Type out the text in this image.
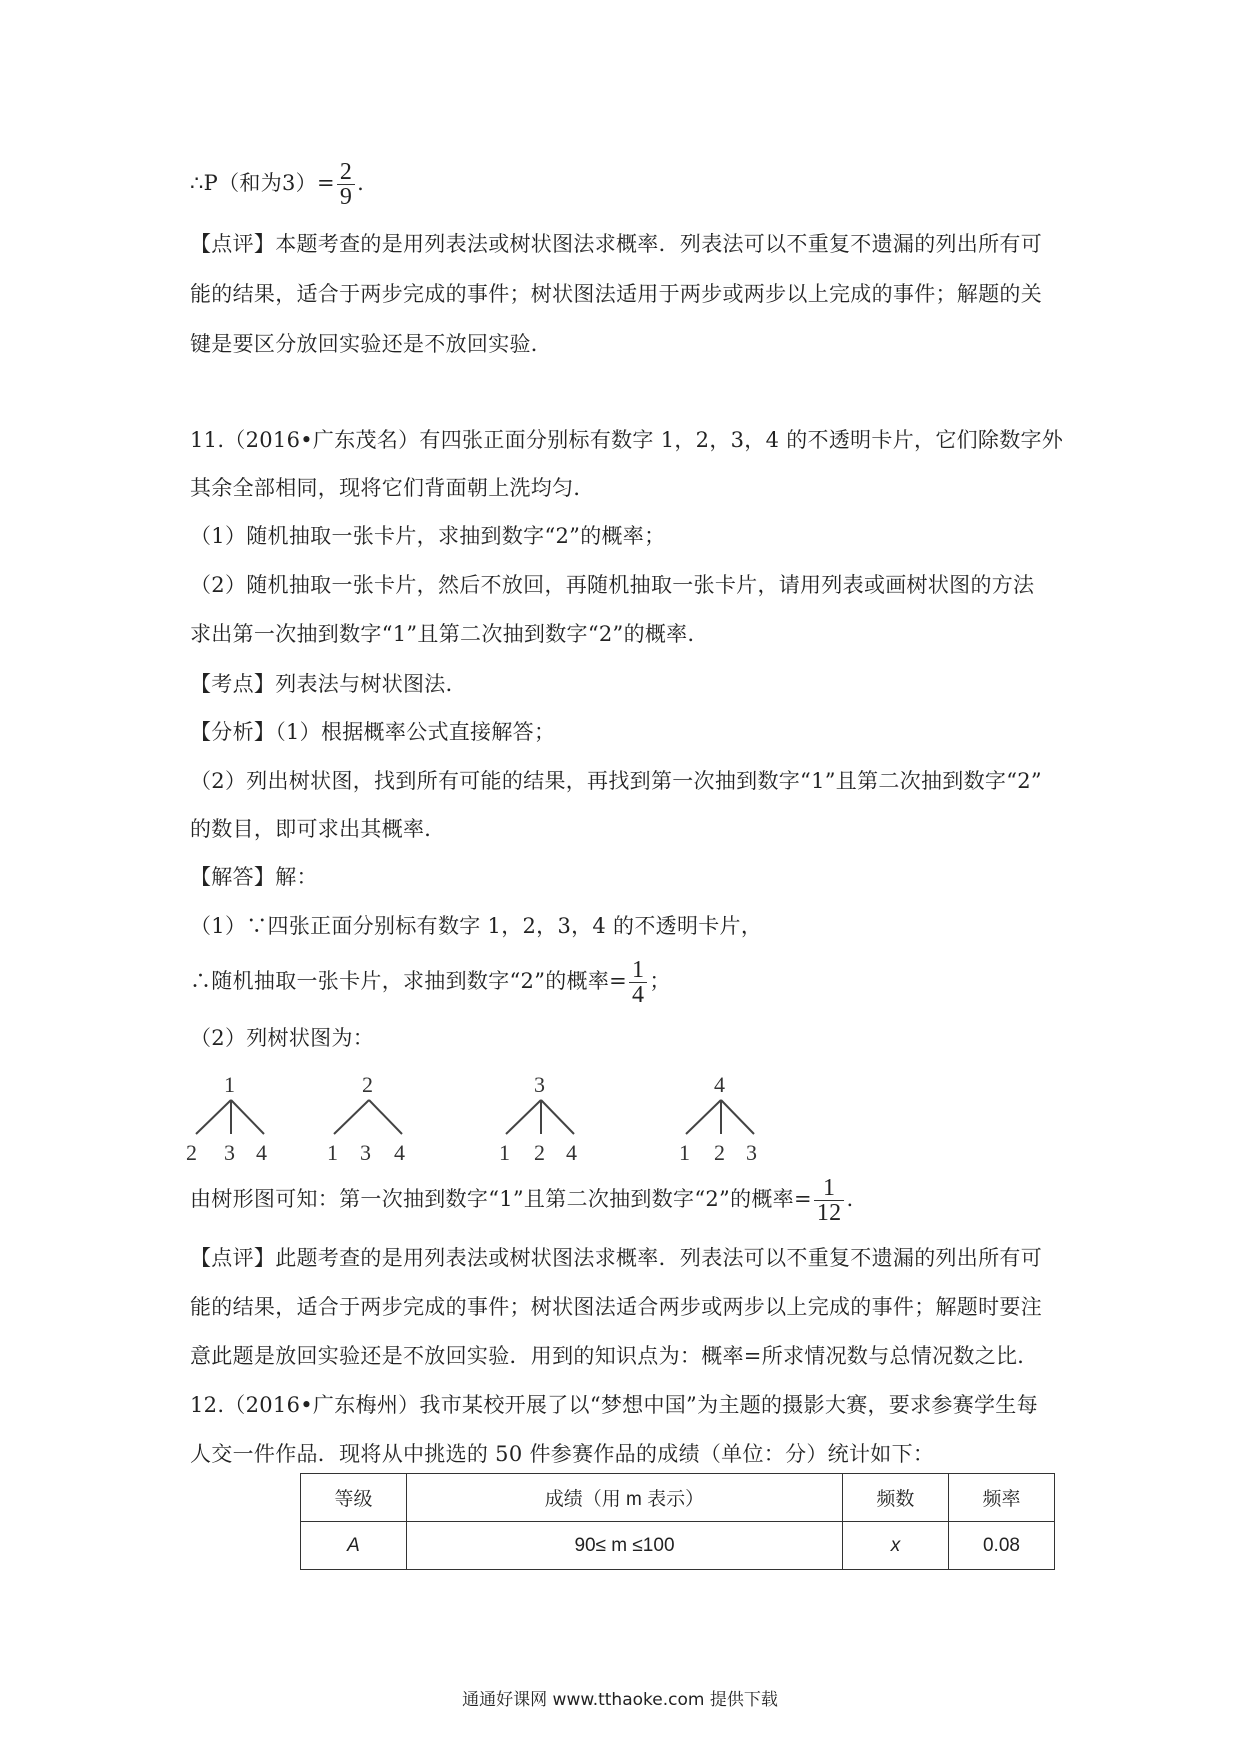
∴P（和为$3)= \frac{2}{9}$ .
【点评】本题考查的是用列表法或树状图法求概率．列表法可以不重复不遗漏的列出所有可
能的结果，适合于两步完成的事件；树状图法适用于两步或两步以上完成的事件；解题的关
键是要区分放回实验还是不放回实验．
11.（2016•广东茂名）有四张正面分别标有数字 1，2，3，4 的不透明卡片，它们除数字外
其余全部相同，现将它们背面朝上洗均匀．
（1）随机抽取一张卡片，求抽到数字“2”的概率；
（2）随机抽取一张卡片，然后不放回，再随机抽取一张卡片，请用列表或画树状图的方法
求出第一次抽到数字“1”且第二次抽到数字“2”的概率．
【考点】列表法与树状图法．
【分析】（1）根据概率公式直接解答；
（2）列出树状图，找到所有可能的结果，再找到第一次抽到数字“1”且第二次抽到数字“2”
的数目，即可求出其概率．
【解答】解：
（1）∵四张正面分别标有数字 1，2，3，4 的不透明卡片，
∴随机抽取一张卡片，求抽到数字“2”的概率= $\frac{1}{4}$ ；
（2）列树状图为：
1
2 3 4
2
1 3 4
3
1 2 4
4
1 2 3
由树形图可知：第一次抽到数字“1”且第二次抽到数字“2”的概率= $\frac{1}{12}$ .
【点评】此题考查的是用列表法或树状图法求概率．列表法可以不重复不遗漏的列出所有可
能的结果，适合于两步完成的事件；树状图法适合两步或两步以上完成的事件；解题时要注
意此题是放回实验还是不放回实验．用到的知识点为：概率=所求情况数与总情况数之比．
12.（2016•广东梅州）我市某校开展了以“梦想中国”为主题的摄影大赛，要求参赛学生每
人交一件作品．现将从中挑选的 50 件参赛作品的成绩（单位：分）统计如下：
等级	成绩（用 m 表示）	频数	频率
A	90≤ m ≤100	x	0.08
通通好课网 www.tthaoke.com 提供下载
